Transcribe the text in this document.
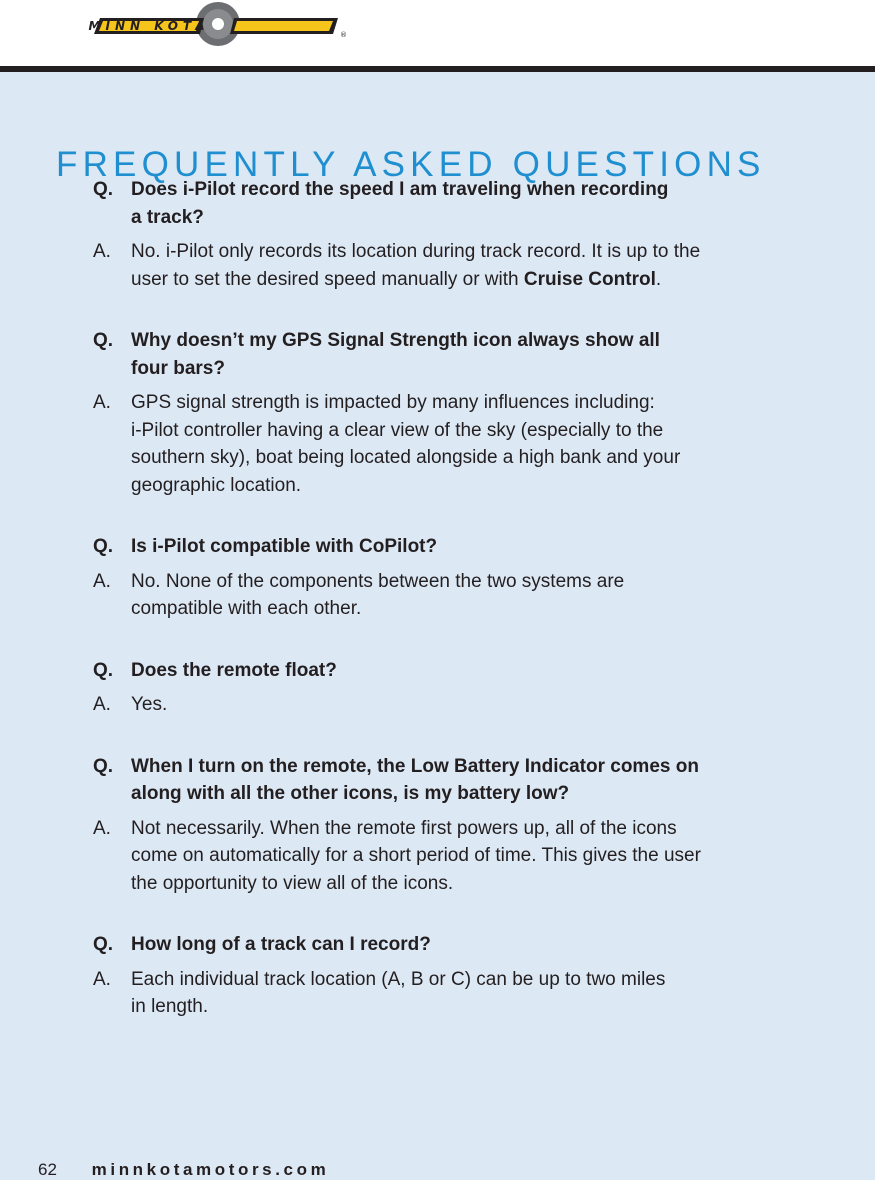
MINN KOTA
®
FREQUENTLY ASKED QUESTIONS
Q. Does i-Pilot record the speed I am traveling when recording
a track?
A.	No. i-Pilot only records its location during track record. It is up to the
user to set the desired speed manually or with Cruise Control.
Q. Why doesn’t my GPS Signal Strength icon always show all
four bars?
A.	GPS signal strength is impacted by many influences including:
i-Pilot controller having a clear view of the sky (especially to the
southern sky), boat being located alongside a high bank and your
geographic location.
Q. Is i-Pilot compatible with CoPilot?
A.	No. None of the components between the two systems are
compatible with each other.
Q. Does the remote float?
A.	Yes.
Q. When I turn on the remote, the Low Battery Indicator comes on
along with all the other icons, is my battery low?
A.	Not necessarily. When the remote first powers up, all of the icons
come on automatically for a short period of time. This gives the user
the opportunity to view all of the icons.
Q. How long of a track can I record?
A.	Each individual track location (A, B or C) can be up to two miles
in length.
62 minnkotamotors.com
